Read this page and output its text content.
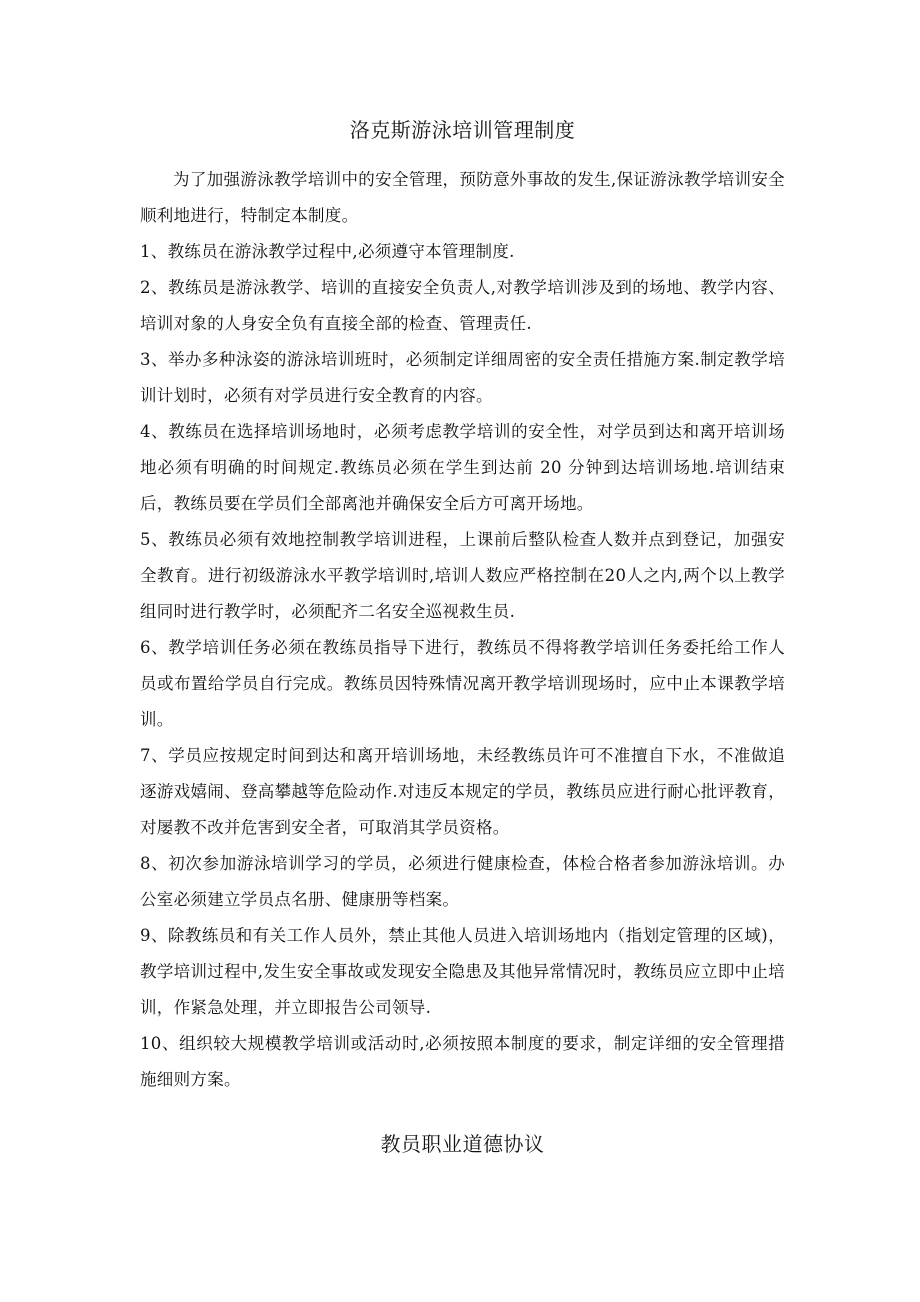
洛克斯游泳培训管理制度

为了加强游泳教学培训中的安全管理，预防意外事故的发生,保证游泳教学培训安全顺利地进行，特制定本制度。

1、教练员在游泳教学过程中,必须遵守本管理制度.

2、教练员是游泳教学、培训的直接安全负责人,对教学培训涉及到的场地、教学内容、培训对象的人身安全负有直接全部的检查、管理责任.

3、举办多种泳姿的游泳培训班时，必须制定详细周密的安全责任措施方案.制定教学培训计划时，必须有对学员进行安全教育的内容。

4、教练员在选择培训场地时，必须考虑教学培训的安全性，对学员到达和离开培训场地必须有明确的时间规定.教练员必须在学生到达前 20 分钟到达培训场地.培训结束后，教练员要在学员们全部离池并确保安全后方可离开场地。

5、教练员必须有效地控制教学培训进程，上课前后整队检查人数并点到登记，加强安全教育。进行初级游泳水平教学培训时,培训人数应严格控制在20人之内,两个以上教学组同时进行教学时，必须配齐二名安全巡视救生员.

6、教学培训任务必须在教练员指导下进行，教练员不得将教学培训任务委托给工作人员或布置给学员自行完成。教练员因特殊情况离开教学培训现场时，应中止本课教学培训。

7、学员应按规定时间到达和离开培训场地，未经教练员许可不准擅自下水，不准做追逐游戏嬉闹、登高攀越等危险动作.对违反本规定的学员，教练员应进行耐心批评教育，对屡教不改并危害到安全者，可取消其学员资格。

8、初次参加游泳培训学习的学员，必须进行健康检查，体检合格者参加游泳培训。办公室必须建立学员点名册、健康册等档案。

9、除教练员和有关工作人员外，禁止其他人员进入培训场地内（指划定管理的区域)，教学培训过程中,发生安全事故或发现安全隐患及其他异常情况时，教练员应立即中止培训，作紧急处理，并立即报告公司领导.

10、组织较大规模教学培训或活动时,必须按照本制度的要求，制定详细的安全管理措施细则方案。

教员职业道德协议
